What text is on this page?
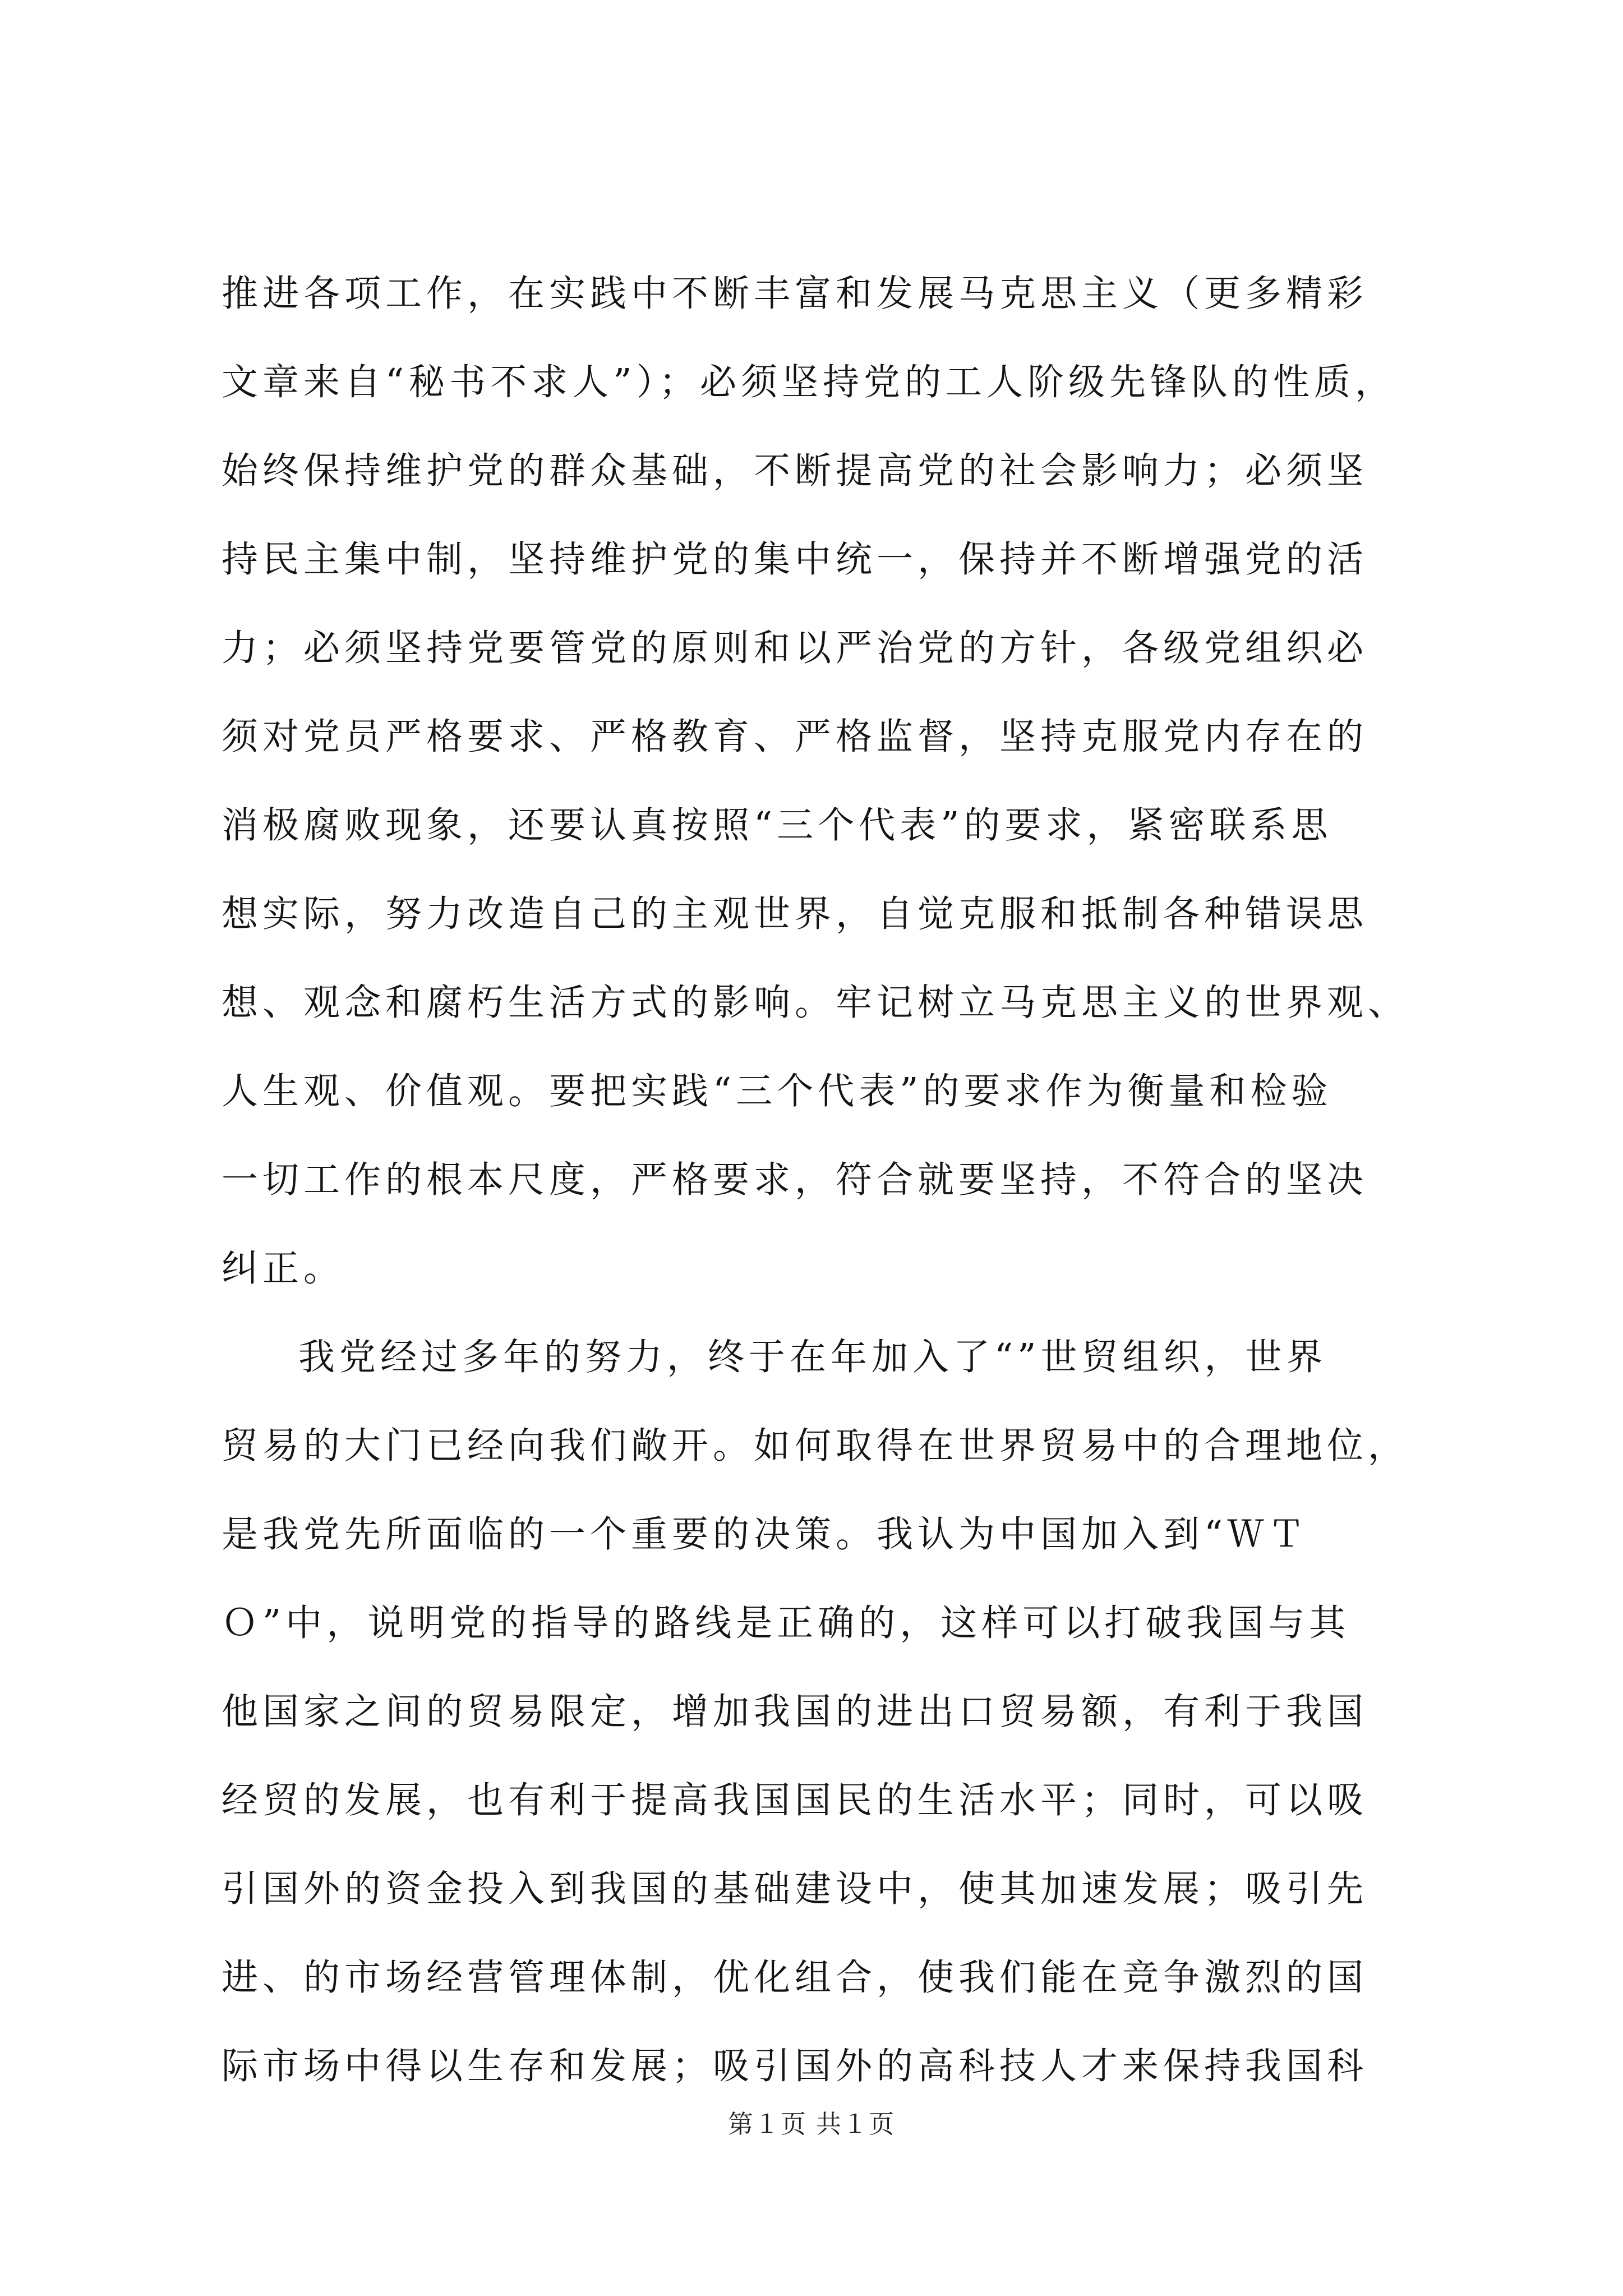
推进各项工作，在实践中不断丰富和发展马克思主义（更多精彩
文章来自“秘书不求人”）；必须坚持党的工人阶级先锋队的性质，
始终保持维护党的群众基础，不断提高党的社会影响力；必须坚
持民主集中制，坚持维护党的集中统一，保持并不断增强党的活
力；必须坚持党要管党的原则和以严治党的方针，各级党组织必
须对党员严格要求、严格教育、严格监督，坚持克服党内存在的
消极腐败现象，还要认真按照“三个代表”的要求，紧密联系思
想实际，努力改造自己的主观世界，自觉克服和抵制各种错误思
想、观念和腐朽生活方式的影响。牢记树立马克思主义的世界观、
人生观、价值观。要把实践“三个代表”的要求作为衡量和检验
一切工作的根本尺度，严格要求，符合就要坚持，不符合的坚决
纠正。
我党经过多年的努力，终于在年加入了“”世贸组织，世界
贸易的大门已经向我们敞开。如何取得在世界贸易中的合理地位，
是我党先所面临的一个重要的决策。我认为中国加入到“ＷＴ
Ｏ”中，说明党的指导的路线是正确的，这样可以打破我国与其
他国家之间的贸易限定，增加我国的进出口贸易额，有利于我国
经贸的发展，也有利于提高我国国民的生活水平；同时，可以吸
引国外的资金投入到我国的基础建设中，使其加速发展；吸引先
进、的市场经营管理体制，优化组合，使我们能在竞争激烈的国
际市场中得以生存和发展；吸引国外的高科技人才来保持我国科
第１页 共１页
